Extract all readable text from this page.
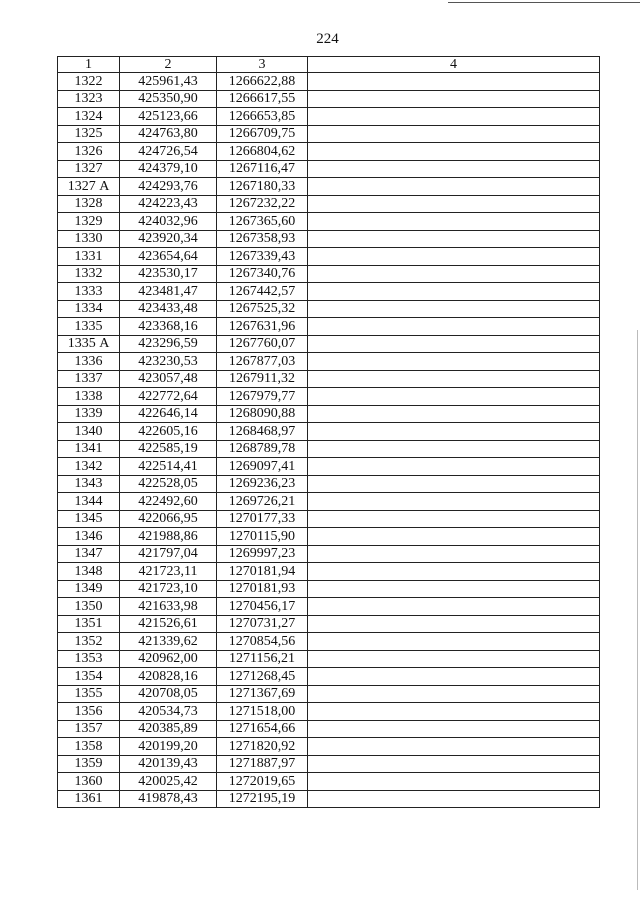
224
1	2	3	4
1322	425961,43	1266622,88	
1323	425350,90	1266617,55	
1324	425123,66	1266653,85	
1325	424763,80	1266709,75	
1326	424726,54	1266804,62	
1327	424379,10	1267116,47	
1327 А	424293,76	1267180,33	
1328	424223,43	1267232,22	
1329	424032,96	1267365,60	
1330	423920,34	1267358,93	
1331	423654,64	1267339,43	
1332	423530,17	1267340,76	
1333	423481,47	1267442,57	
1334	423433,48	1267525,32	
1335	423368,16	1267631,96	
1335 А	423296,59	1267760,07	
1336	423230,53	1267877,03	
1337	423057,48	1267911,32	
1338	422772,64	1267979,77	
1339	422646,14	1268090,88	
1340	422605,16	1268468,97	
1341	422585,19	1268789,78	
1342	422514,41	1269097,41	
1343	422528,05	1269236,23	
1344	422492,60	1269726,21	
1345	422066,95	1270177,33	
1346	421988,86	1270115,90	
1347	421797,04	1269997,23	
1348	421723,11	1270181,94	
1349	421723,10	1270181,93	
1350	421633,98	1270456,17	
1351	421526,61	1270731,27	
1352	421339,62	1270854,56	
1353	420962,00	1271156,21	
1354	420828,16	1271268,45	
1355	420708,05	1271367,69	
1356	420534,73	1271518,00	
1357	420385,89	1271654,66	
1358	420199,20	1271820,92	
1359	420139,43	1271887,97	
1360	420025,42	1272019,65	
1361	419878,43	1272195,19	
